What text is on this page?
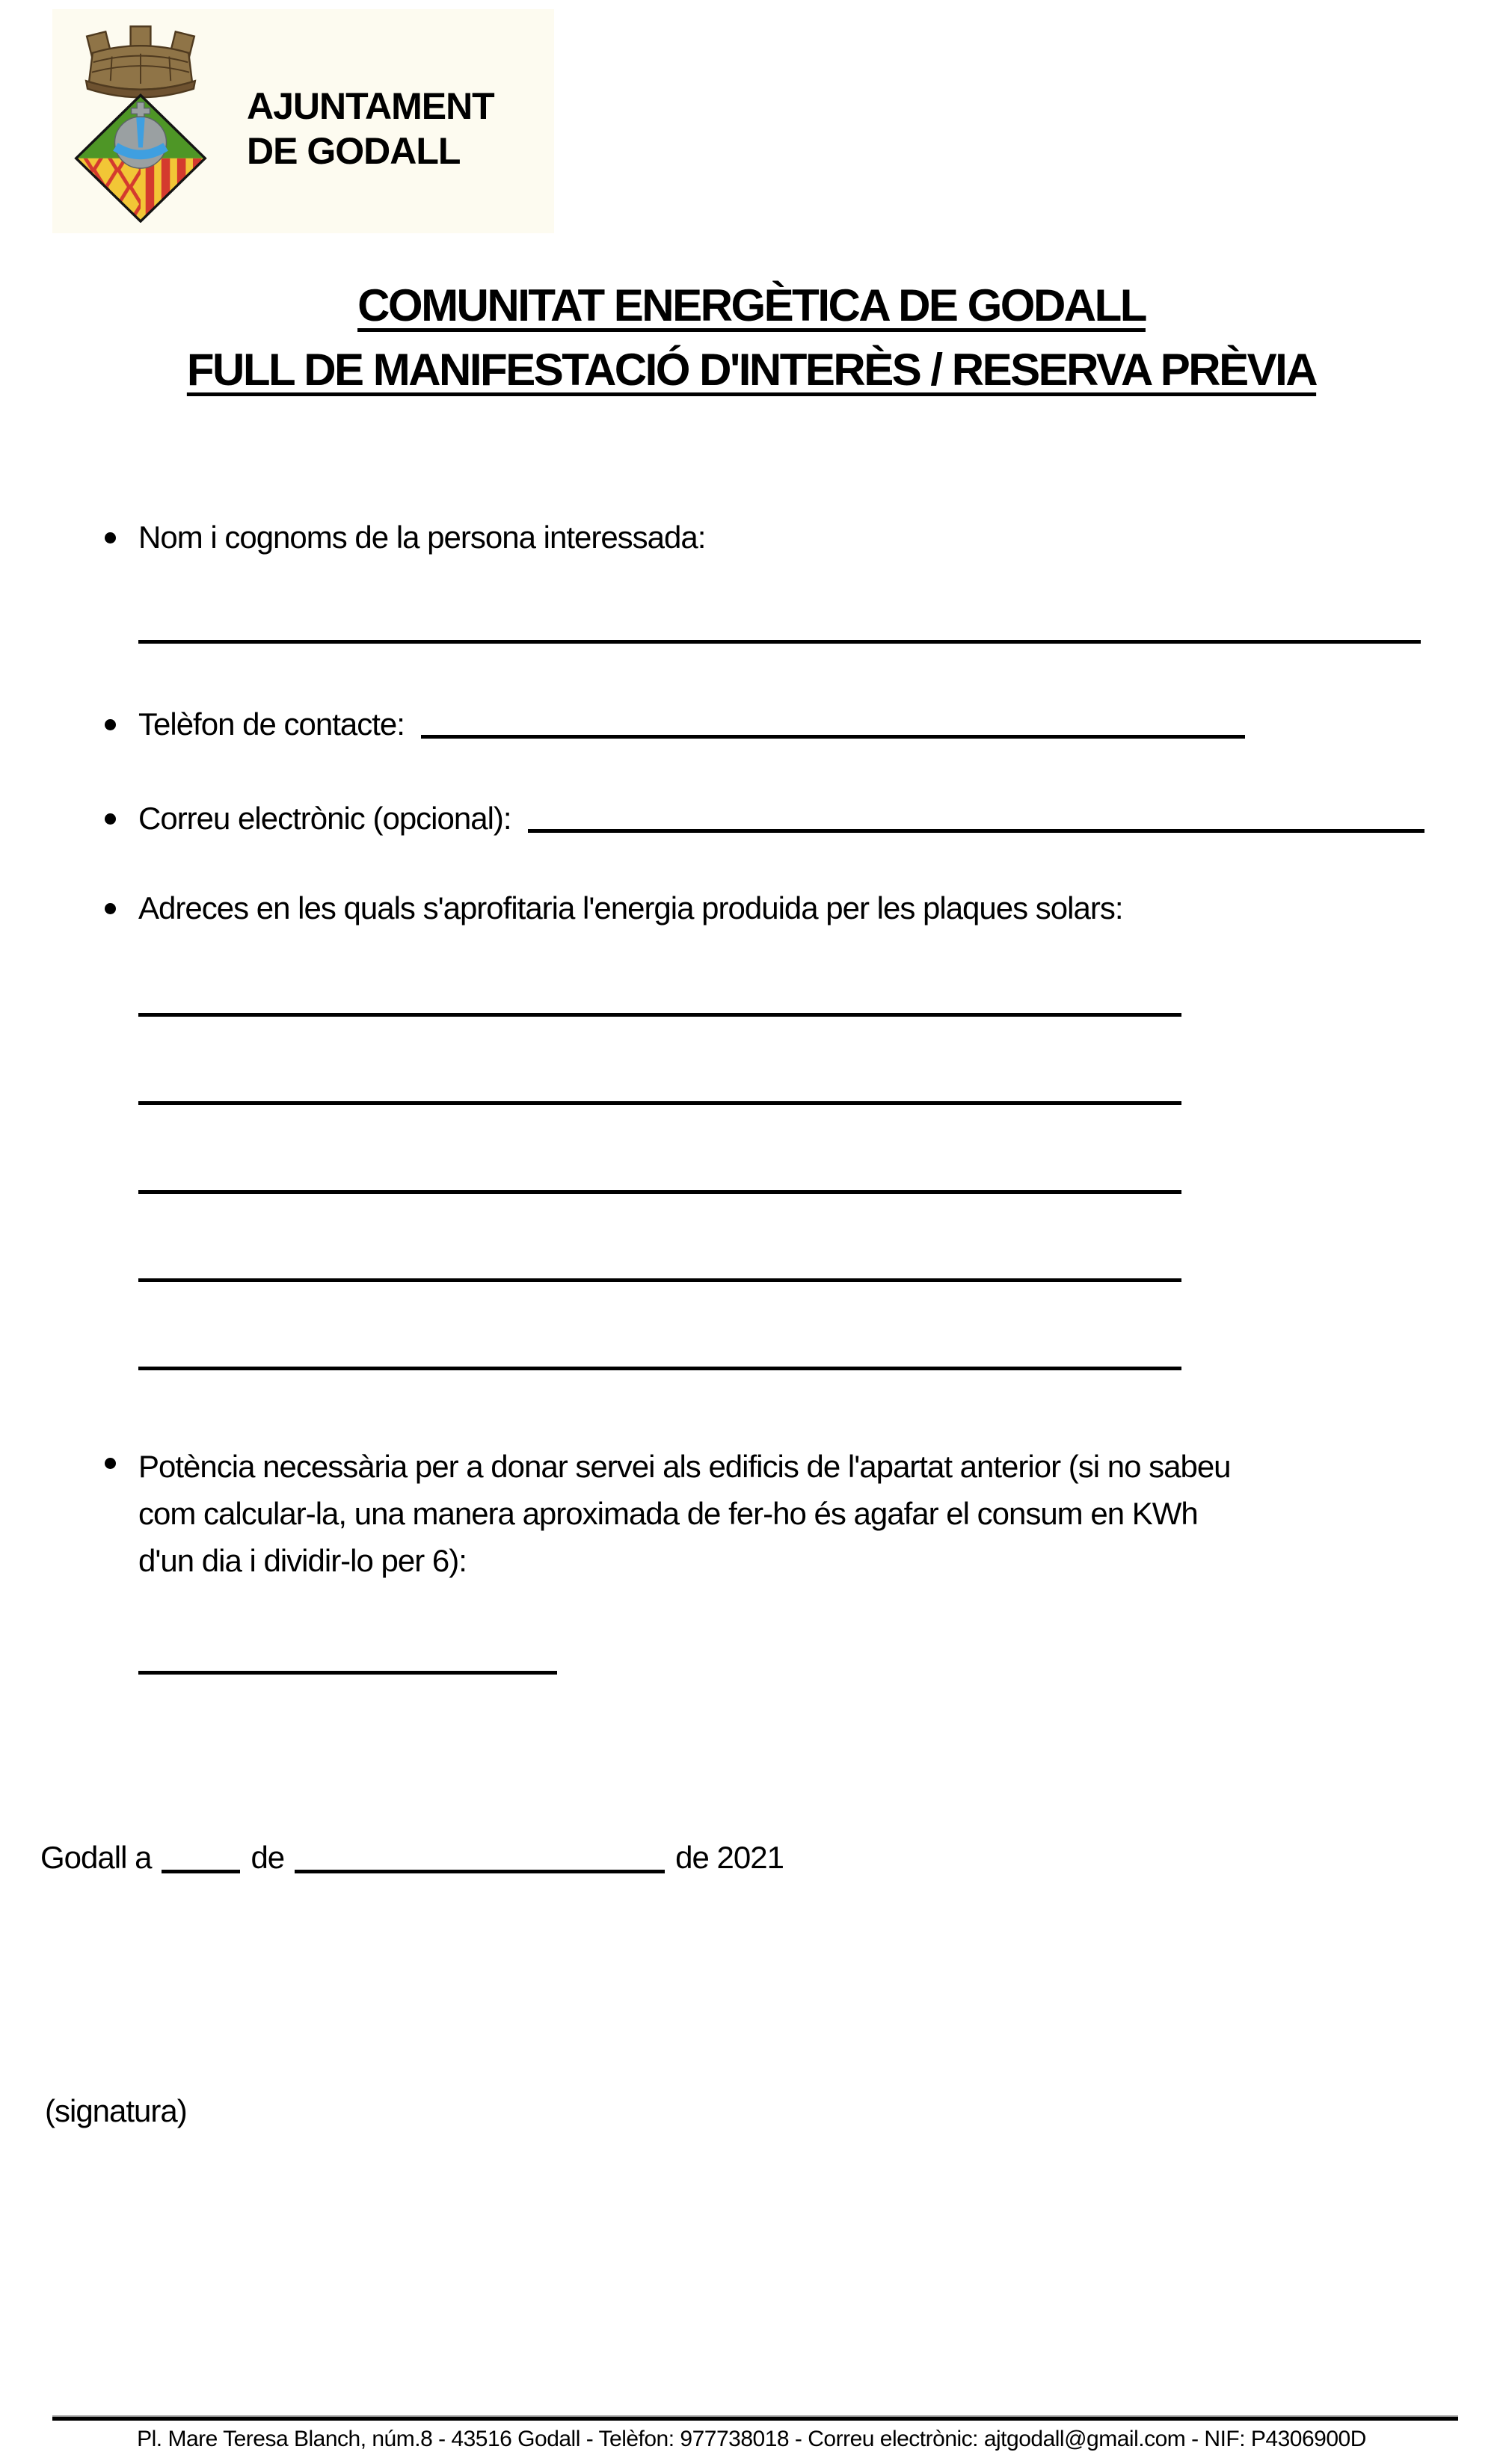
AJUNTAMENT
DE GODALL
COMUNITAT ENERGÈTICA DE GODALL
FULL DE MANIFESTACIÓ D'INTERÈS / RESERVA PRÈVIA
Nom i cognoms de la persona interessada:
Telèfon de contacte:
Correu electrònic (opcional):
Adreces en les quals s'aprofitaria l'energia produida per les plaques solars:
Potència necessària per a donar servei als edificis de l'apartat anterior (si no sabeu
com calcular-la, una manera aproximada de fer-ho és agafar el consum en KWh
d'un dia i dividir-lo per 6):
Godall a	de	de 2021
(signatura)
Pl. Mare Teresa Blanch, núm.8 - 43516 Godall - Telèfon: 977738018 - Correu electrònic: ajtgodall@gmail.com - NIF: P4306900D
